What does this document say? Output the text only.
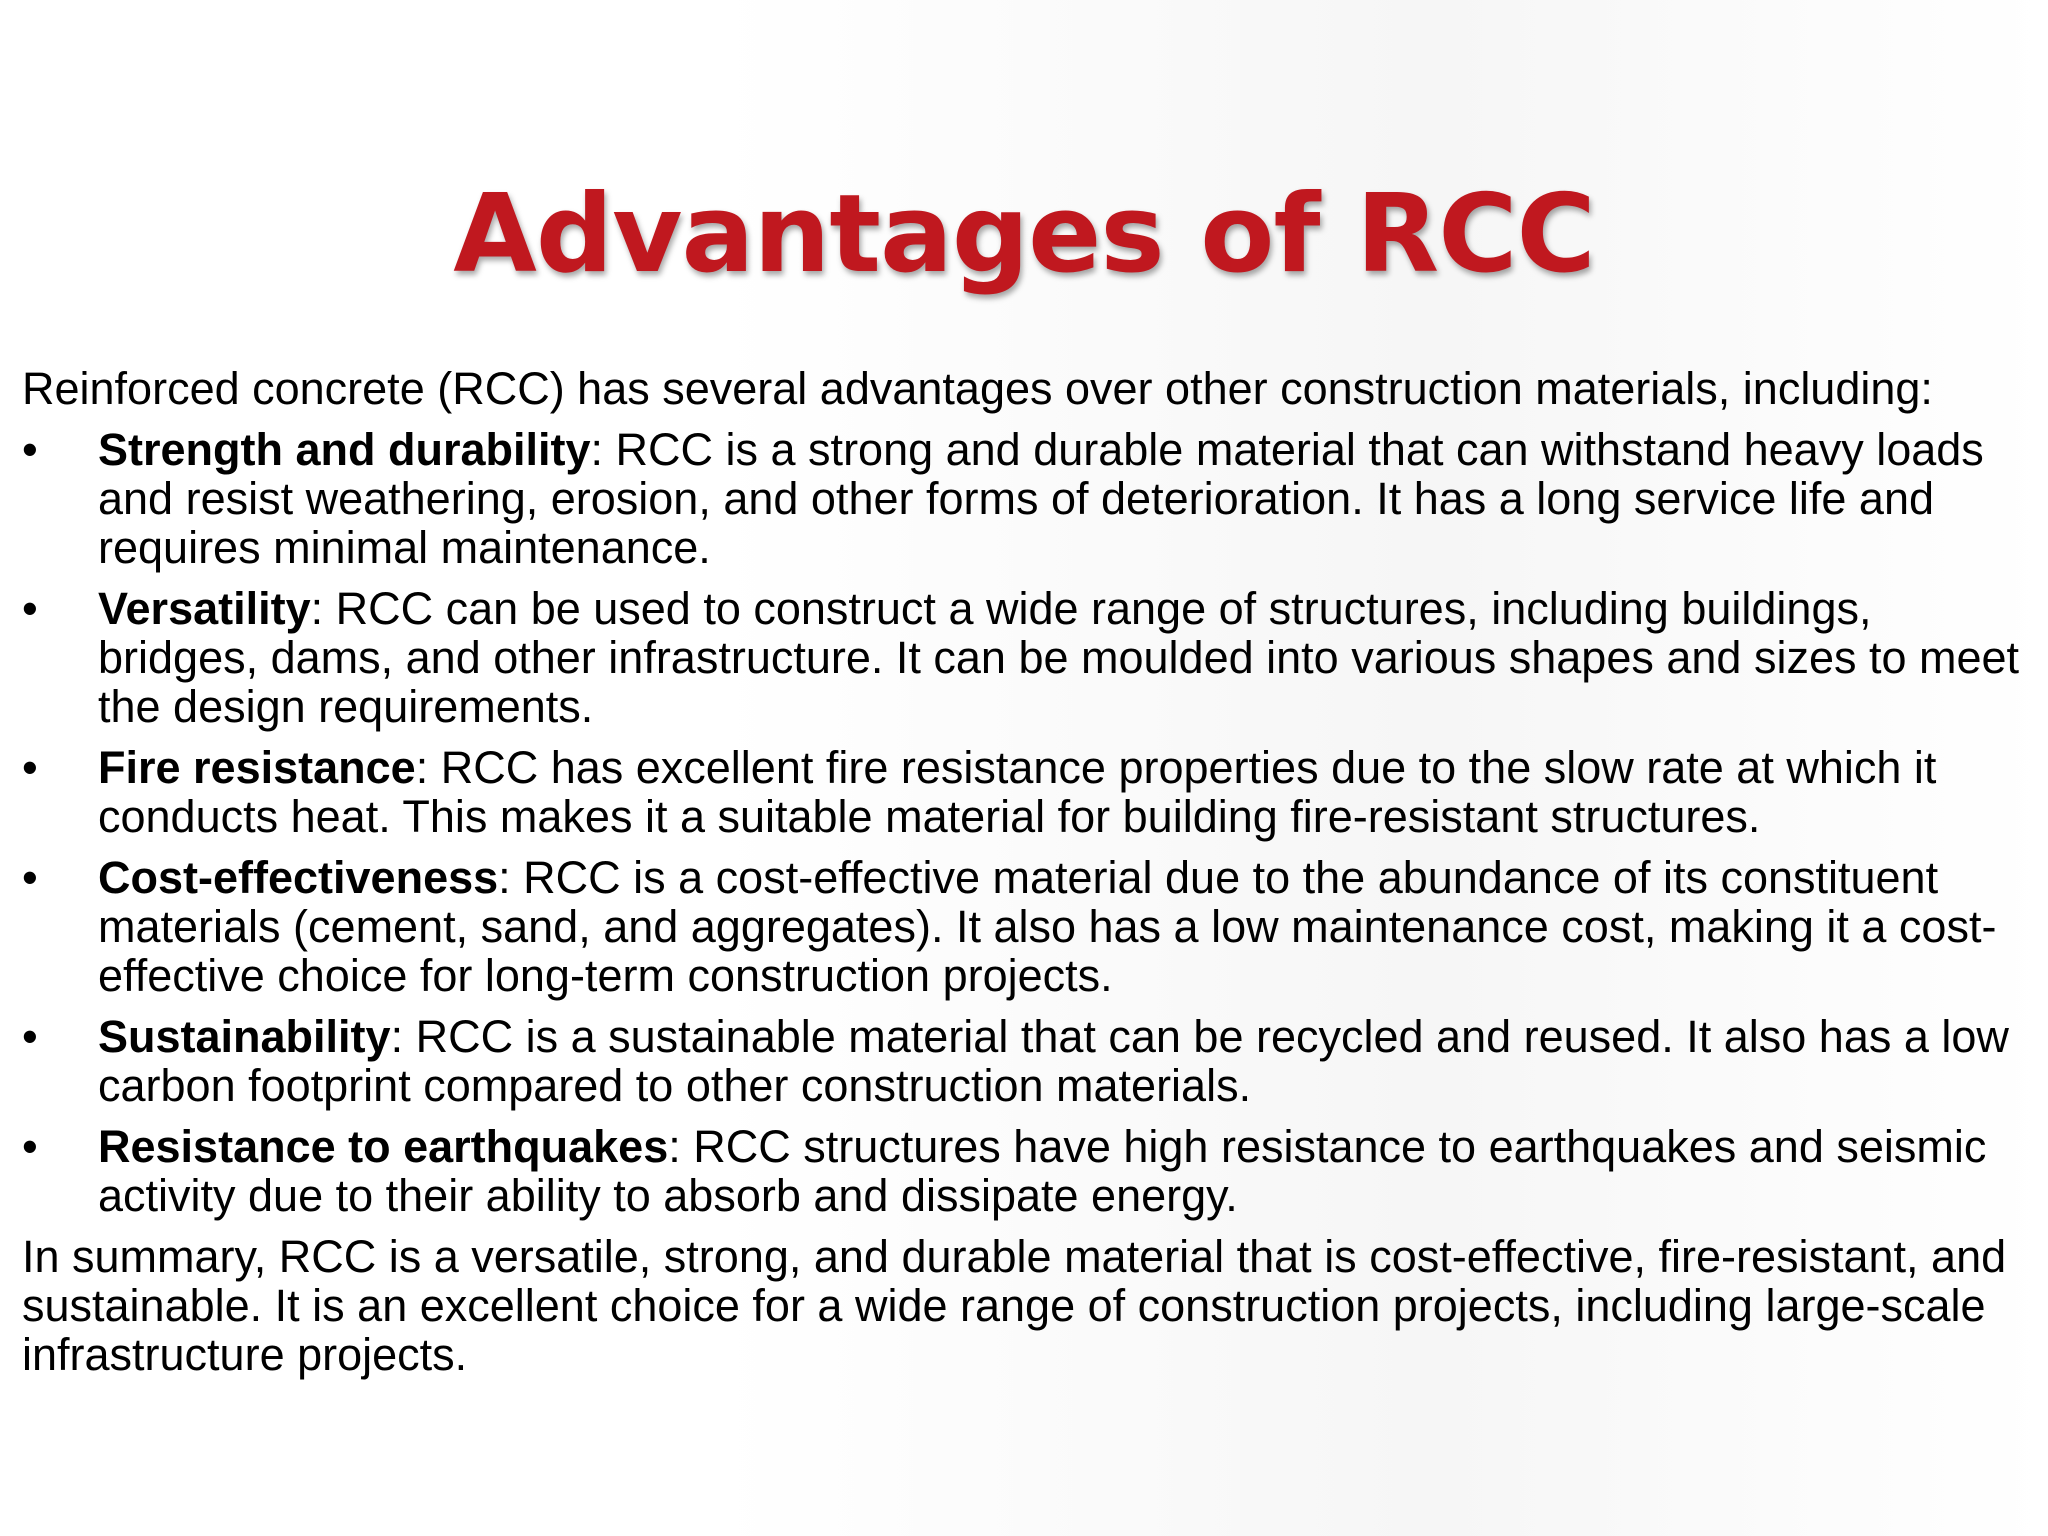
Advantages of RCC

Reinforced concrete (RCC) has several advantages over other construction materials, including:

•	Strength and durability: RCC is a strong and durable material that can withstand heavy loads and resist weathering, erosion, and other forms of deterioration. It has a long service life and requires minimal maintenance.
•	Versatility: RCC can be used to construct a wide range of structures, including buildings, bridges, dams, and other infrastructure. It can be moulded into various shapes and sizes to meet the design requirements.
•	Fire resistance: RCC has excellent fire resistance properties due to the slow rate at which it conducts heat. This makes it a suitable material for building fire-resistant structures.
•	Cost-effectiveness: RCC is a cost-effective material due to the abundance of its constituent materials (cement, sand, and aggregates). It also has a low maintenance cost, making it a cost-effective choice for long-term construction projects.
•	Sustainability: RCC is a sustainable material that can be recycled and reused. It also has a low carbon footprint compared to other construction materials.
•	Resistance to earthquakes: RCC structures have high resistance to earthquakes and seismic activity due to their ability to absorb and dissipate energy.

In summary, RCC is a versatile, strong, and durable material that is cost-effective, fire-resistant, and sustainable. It is an excellent choice for a wide range of construction projects, including large-scale infrastructure projects.
